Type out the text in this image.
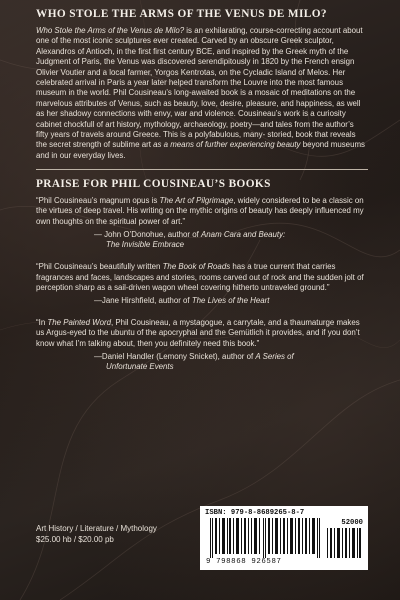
WHO STOLE THE ARMS OF THE VENUS DE MILO?

Who Stole the Arms of the Venus de Milo? is an exhilarating, course-correcting account about one of the most iconic sculptures ever created. Carved by an obscure Greek sculptor, Alexandros of Antioch, in the first first century BCE, and inspired by the Greek myth of the Judgment of Paris, the Venus was discovered serendipitously in 1820 by the French ensign Olivier Voutier and a local farmer, Yorgos Kentrotas, on the Cycladic Island of Melos. Her celebrated arrival in Paris a year later helped transform the Louvre into the most famous museum in the world. Phil Cousineau’s long-awaited book is a mosaic of meditations on the marvelous attributes of Venus, such as beauty, love, desire, pleasure, and happiness, as well as her shadowy connections with envy, war and violence. Cousineau’s work is a curiosity cabinet chockfull of art history, mythology, archaeology, poetry—and tales from the author’s fifty years of travels around Greece. This is a polyfabulous, many- storied, book that reveals the secret strength of sublime art as a means of further experiencing beauty beyond museums and in our everyday lives.

PRAISE FOR PHIL COUSINEAU’S BOOKS

“Phil Cousineau’s magnum opus is The Art of Pilgrimage, widely considered to be a classic on the virtues of deep travel. His writing on the mythic origins of beauty has deeply influenced my own thoughts on the spiritual power of art.”

— John O’Donohue, author of Anam Cara and Beauty:
The Invisible Embrace

“Phil Cousineau’s beautifully written The Book of Roads has a true current that carries fragrances and faces, landscapes and stories, rooms carved out of rock and the sudden jolt of perception sharp as a sail-driven wagon wheel covering hitherto untraveled ground.”

—Jane Hirshfield, author of The Lives of the Heart

“In The Painted Word, Phil Cousineau, a mystagogue, a carrytale, and a thaumaturge makes us Argus-eyed to the ubuntu of the apocryphal and the Gemütlich it provides, and if you don’t know what I’m talking about, then you definitely need this book.”

—Daniel Handler (Lemony Snicket), author of A Series of
Unfortunate Events

Art History / Literature / Mythology
$25.00 hb / $20.00 pb
ISBN: 979-8-8689265-8-7
52000
9 798868 926587
